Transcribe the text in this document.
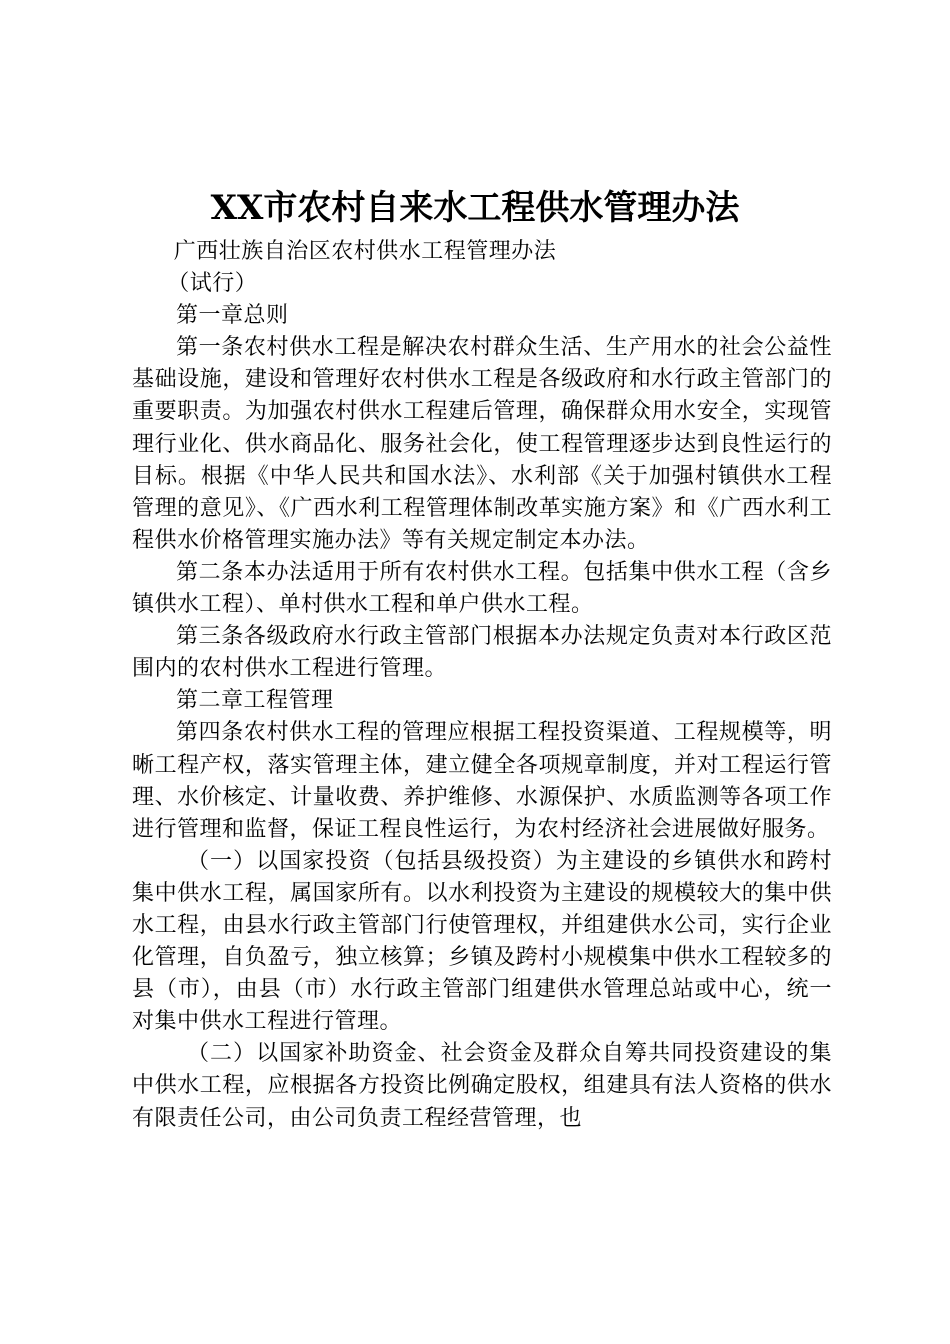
XX市农村自来水工程供水管理办法

广西壮族自治区农村供水工程管理办法

（试行）

第一章总则

第一条农村供水工程是解决农村群众生活、生产用水的社会公益性基础设施，建设和管理好农村供水工程是各级政府和水行政主管部门的重要职责。为加强农村供水工程建后管理，确保群众用水安全，实现管理行业化、供水商品化、服务社会化，使工程管理逐步达到良性运行的目标。根据《中华人民共和国水法》、水利部《关于加强村镇供水工程管理的意见》、《广西水利工程管理体制改革实施方案》和《广西水利工程供水价格管理实施办法》等有关规定制定本办法。

第二条本办法适用于所有农村供水工程。包括集中供水工程（含乡镇供水工程）、单村供水工程和单户供水工程。

第三条各级政府水行政主管部门根据本办法规定负责对本行政区范围内的农村供水工程进行管理。

第二章工程管理

第四条农村供水工程的管理应根据工程投资渠道、工程规模等，明晰工程产权，落实管理主体，建立健全各项规章制度，并对工程运行管理、水价核定、计量收费、养护维修、水源保护、水质监测等各项工作进行管理和监督，保证工程良性运行，为农村经济社会进展做好服务。

（一）以国家投资（包括县级投资）为主建设的乡镇供水和跨村集中供水工程，属国家所有。以水利投资为主建设的规模较大的集中供水工程，由县水行政主管部门行使管理权，并组建供水公司，实行企业化管理，自负盈亏，独立核算；乡镇及跨村小规模集中供水工程较多的县（市），由县（市）水行政主管部门组建供水管理总站或中心，统一对集中供水工程进行管理。

（二）以国家补助资金、社会资金及群众自筹共同投资建设的集中供水工程，应根据各方投资比例确定股权，组建具有法人资格的供水有限责任公司，由公司负责工程经营管理，也
